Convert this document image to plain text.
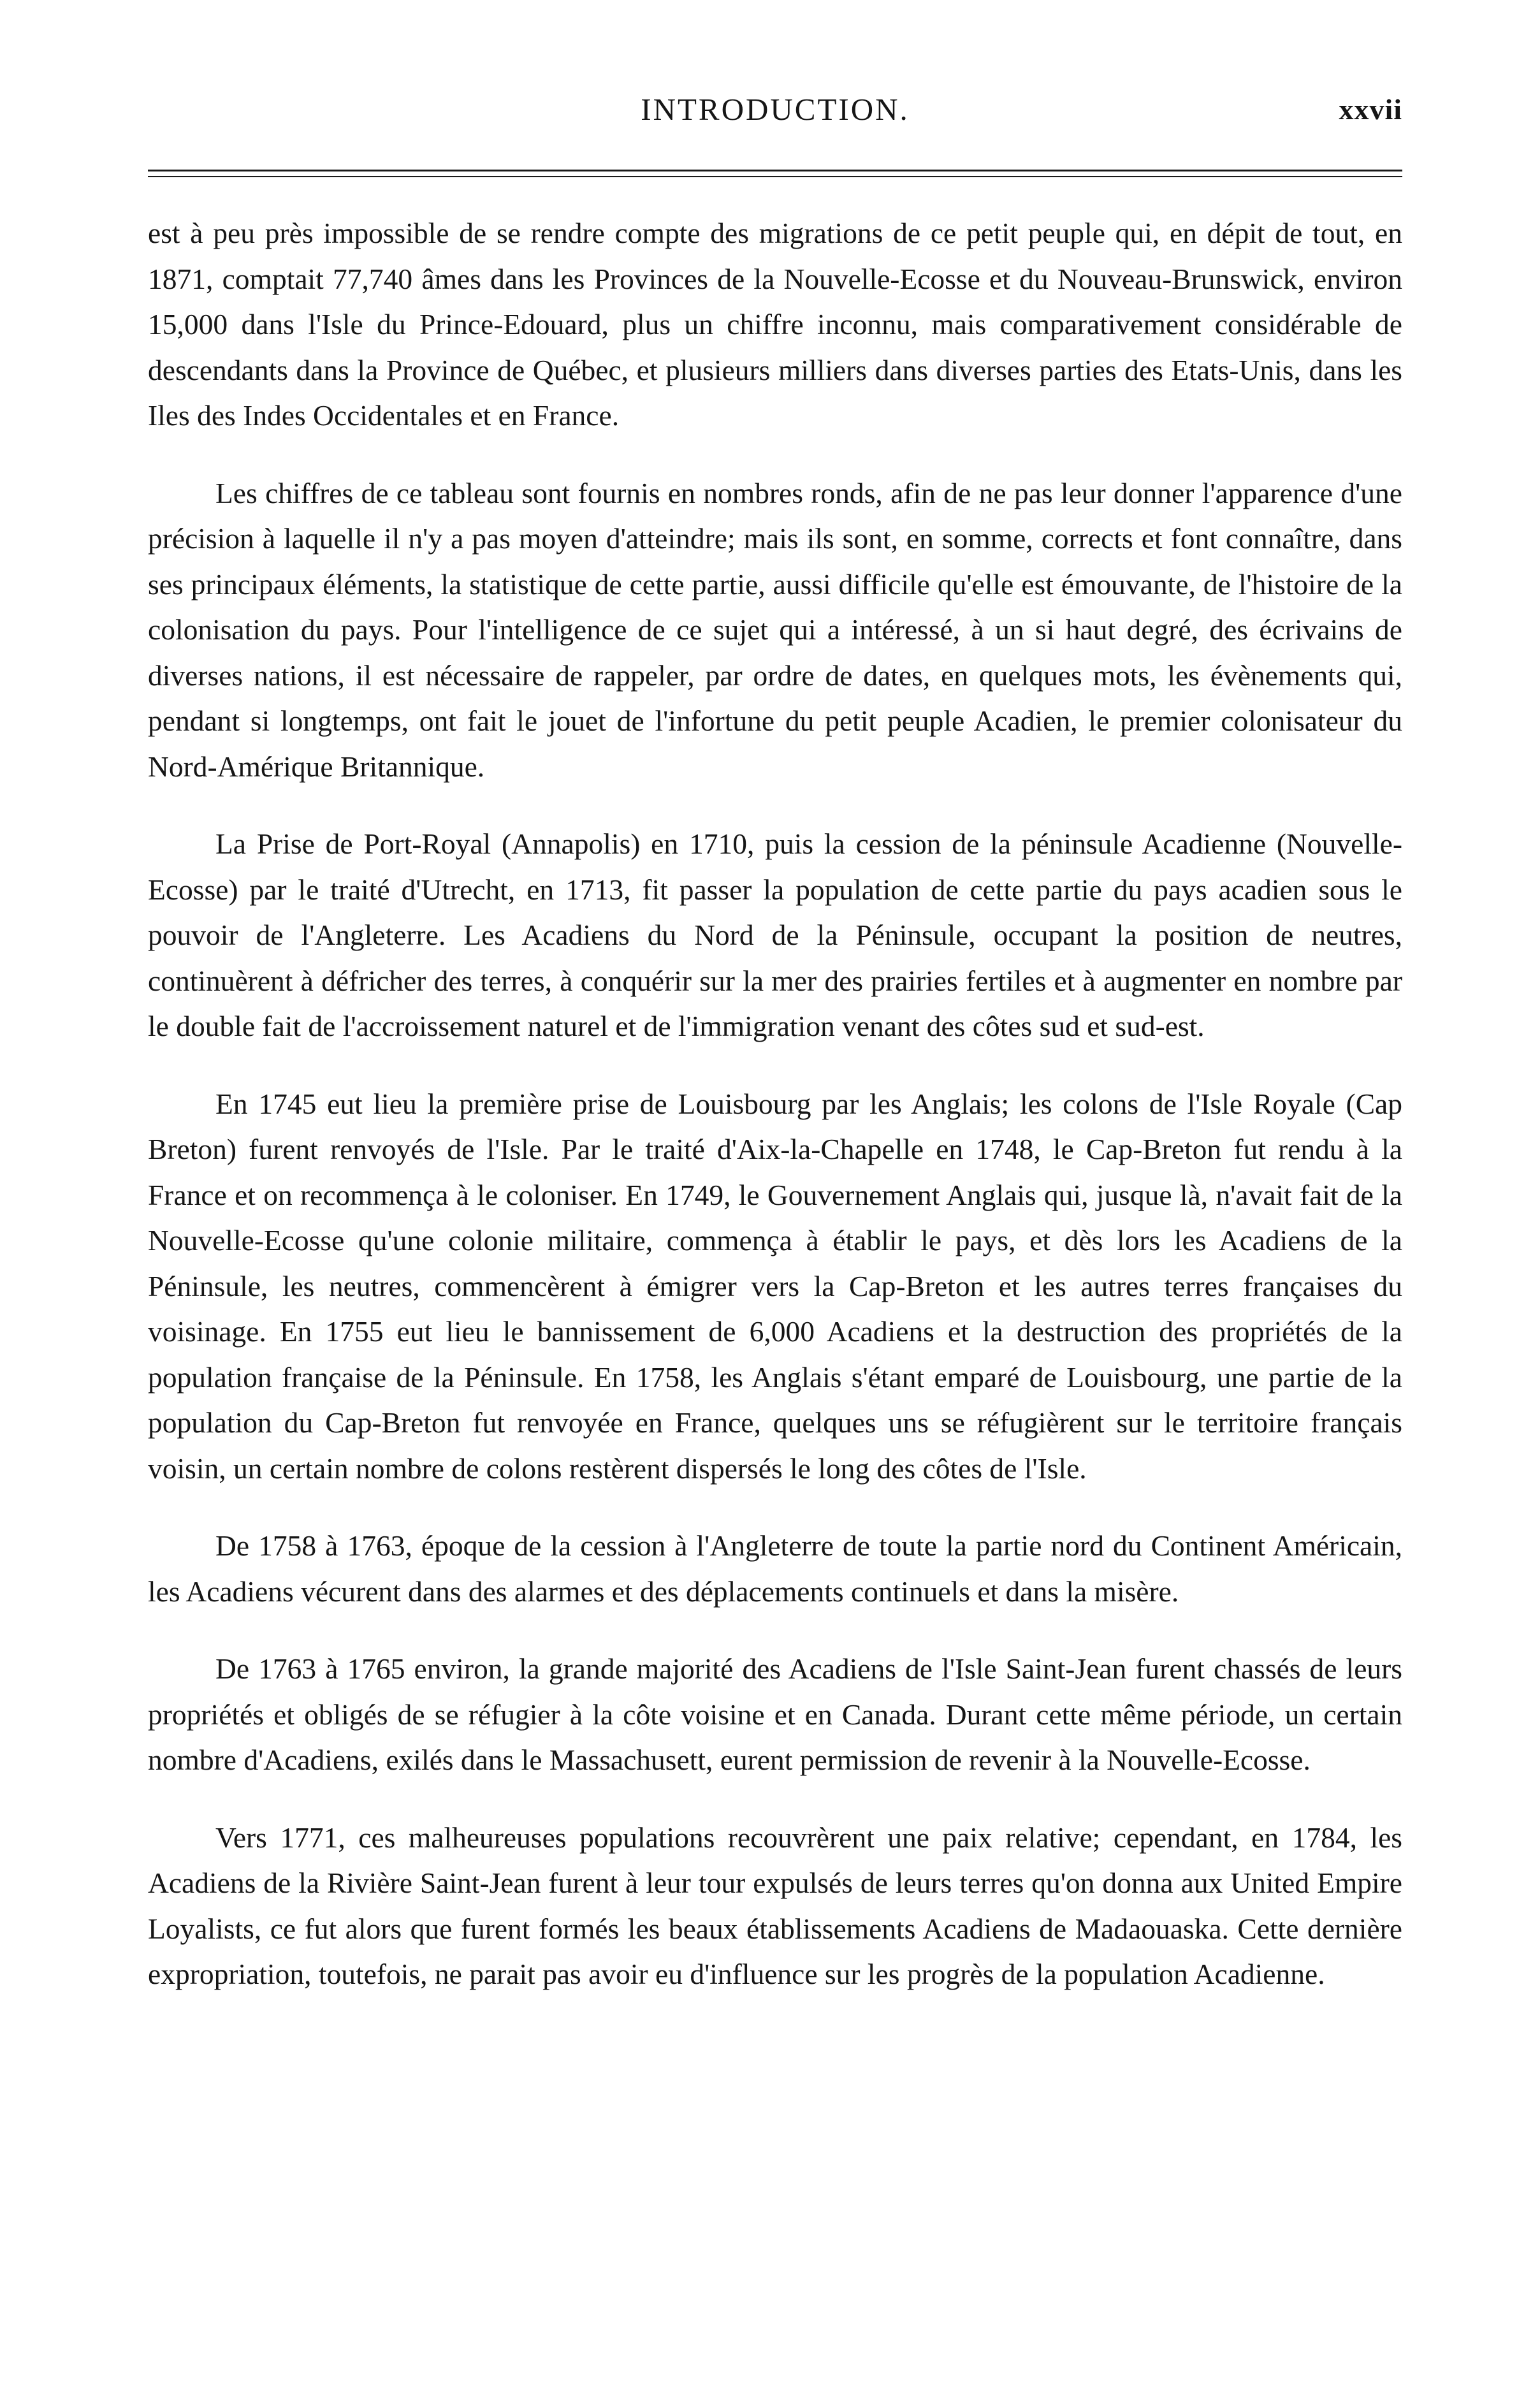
INTRODUCTION.	xxvii

est à peu près impossible de se rendre compte des migrations de ce petit peuple qui, en dépit de tout, en 1871, comptait 77,740 âmes dans les Provinces de la Nouvelle-Ecosse et du Nouveau-Brunswick, environ 15,000 dans l'Isle du Prince-Edouard, plus un chiffre inconnu, mais comparativement considérable de descendants dans la Province de Québec, et plusieurs milliers dans diverses parties des Etats-Unis, dans les Iles des Indes Occidentales et en France.

Les chiffres de ce tableau sont fournis en nombres ronds, afin de ne pas leur donner l'apparence d'une précision à laquelle il n'y a pas moyen d'atteindre; mais ils sont, en somme, corrects et font connaître, dans ses principaux éléments, la statistique de cette partie, aussi difficile qu'elle est émouvante, de l'histoire de la colonisation du pays. Pour l'intelligence de ce sujet qui a intéressé, à un si haut degré, des écrivains de diverses nations, il est nécessaire de rappeler, par ordre de dates, en quelques mots, les évènements qui, pendant si longtemps, ont fait le jouet de l'infortune du petit peuple Acadien, le premier colonisateur du Nord-Amérique Britannique.

La Prise de Port-Royal (Annapolis) en 1710, puis la cession de la péninsule Acadienne (Nouvelle-Ecosse) par le traité d'Utrecht, en 1713, fit passer la population de cette partie du pays acadien sous le pouvoir de l'Angleterre. Les Acadiens du Nord de la Péninsule, occupant la position de neutres, continuèrent à défricher des terres, à conquérir sur la mer des prairies fertiles et à augmenter en nombre par le double fait de l'accroissement naturel et de l'immigration venant des côtes sud et sud-est.

En 1745 eut lieu la première prise de Louisbourg par les Anglais; les colons de l'Isle Royale (Cap Breton) furent renvoyés de l'Isle. Par le traité d'Aix-la-Chapelle en 1748, le Cap-Breton fut rendu à la France et on recommença à le coloniser. En 1749, le Gouvernement Anglais qui, jusque là, n'avait fait de la Nouvelle-Ecosse qu'une colonie militaire, commença à établir le pays, et dès lors les Acadiens de la Péninsule, les neutres, commencèrent à émigrer vers la Cap-Breton et les autres terres françaises du voisinage. En 1755 eut lieu le bannissement de 6,000 Acadiens et la destruction des propriétés de la population française de la Péninsule. En 1758, les Anglais s'étant emparé de Louisbourg, une partie de la population du Cap-Breton fut renvoyée en France, quelques uns se réfugièrent sur le territoire français voisin, un certain nombre de colons restèrent dispersés le long des côtes de l'Isle.

De 1758 à 1763, époque de la cession à l'Angleterre de toute la partie nord du Continent Américain, les Acadiens vécurent dans des alarmes et des déplacements continuels et dans la misère.

De 1763 à 1765 environ, la grande majorité des Acadiens de l'Isle Saint-Jean furent chassés de leurs propriétés et obligés de se réfugier à la côte voisine et en Canada. Durant cette même période, un certain nombre d'Acadiens, exilés dans le Massachusett, eurent permission de revenir à la Nouvelle-Ecosse.

Vers 1771, ces malheureuses populations recouvrèrent une paix relative; cependant, en 1784, les Acadiens de la Rivière Saint-Jean furent à leur tour expulsés de leurs terres qu'on donna aux United Empire Loyalists, ce fut alors que furent formés les beaux établissements Acadiens de Madaouaska. Cette dernière expropriation, toutefois, ne parait pas avoir eu d'influence sur les progrès de la population Acadienne.
